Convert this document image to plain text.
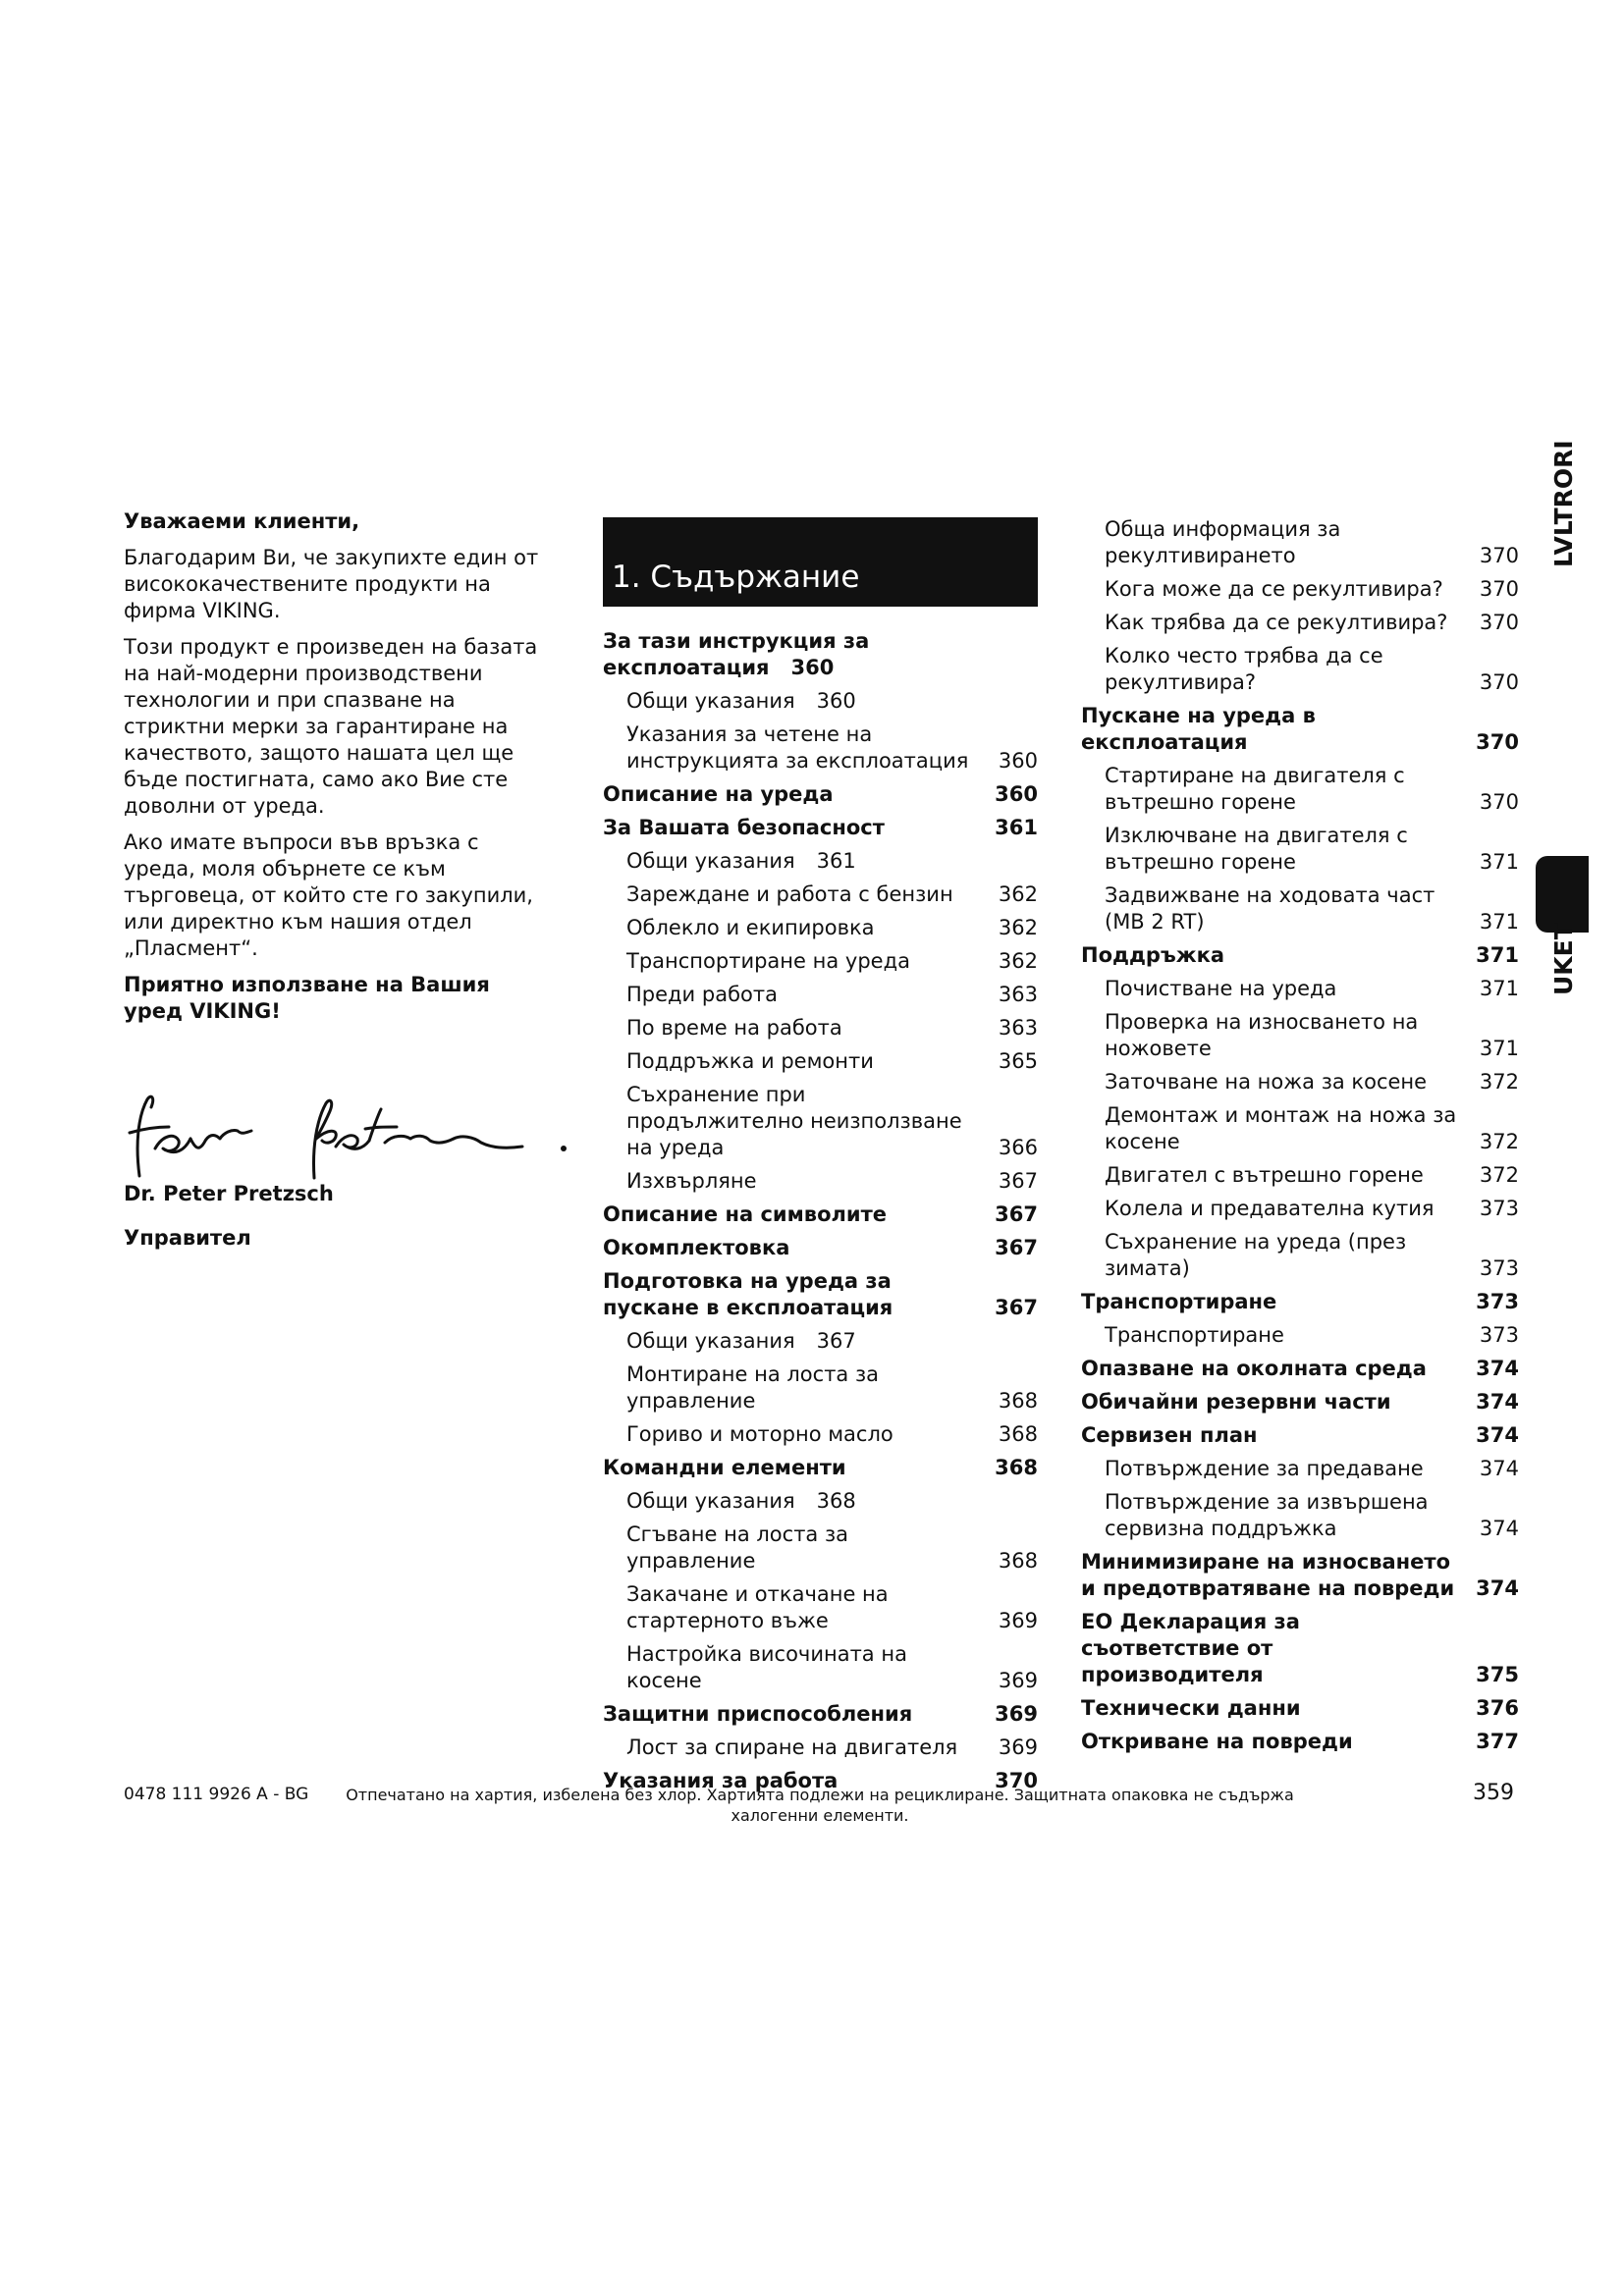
Уважаеми клиенти,

Благодарим Ви, че закупихте един от висококачествените продукти на фирма VIKING.

Този продукт е произведен на базата на най-модерни производствени технологии и при спазване на стриктни мерки за гарантиране на качеството, защото нашата цел ще бъде постигната, само ако Вие сте доволни от уреда.

Ако имате въпроси във връзка с уреда, моля обърнете се към търговеца, от който сте го закупили, или директно към нашия отдел „Пласмент“.

Приятно използване на Вашия уред VIKING!

Dr. Peter Pretzsch
Управител
1. Съдържание
За тази инструкция за експлоатация 360
Общи указания 360
Указания за четене на инструкцията за експлоатация	360
Описание на уреда	360
За Вашата безопасност	361
Общи указания 361
Зареждане и работа с бензин	362
Облекло и екипировка	362
Транспортиране на уреда	362
Преди работа	363
По време на работа	363
Поддръжка и ремонти	365
Съхранение при продължително неизползване на уреда	366
Изхвърляне	367
Описание на символите	367
Окомплектовка	367
Подготовка на уреда за пускане в експлоатация	367
Общи указания 367
Монтиране на лоста за управление	368
Гориво и моторно масло	368
Командни елементи	368
Общи указания 368
Сгъване на лоста за управление	368
Закачане и откачане на стартерното въже	369
Настройка височината на косене	369
Защитни приспособления	369
Лост за спиране на двигателя	369
Указания за работа	370
Обща информация за рекултивирането	370
Кога може да се рекултивира?	370
Как трябва да се рекултивира?	370
Колко често трябва да се рекултивира?	370
Пускане на уреда в експлоатация	370
Стартиране на двигателя с вътрешно горене	370
Изключване на двигателя с вътрешно горене	371
Задвижване на ходовата част (MB 2 RT)	371
Поддръжка	371
Почистване на уреда	371
Проверка на износването на ножовете	371
Заточване на ножа за косене	372
Демонтаж и монтаж на ножа за косене	372
Двигател с вътрешно горене	372
Колела и предавателна кутия	373
Съхранение на уреда (през зимата)	373
Транспортиране	373
Транспортиране	373
Опазване на околната среда	374
Обичайни резервни части	374
Сервизен план	374
Потвърждение за предаване	374
Потвърждение за извършена сервизна поддръжка	374
Минимизиране на износването и предотвратяване на повреди	374
ЕО Декларация за съответствие от производителя	375
Технически данни	376
Откриване на повреди	377
LVLTRORI
UKET
0478 111 9926 A - BG Отпечатано на хартия, избелена без хлор. Хартията подлежи на рециклиране. Защитната опаковка не съдържа халогенни елементи.
359
